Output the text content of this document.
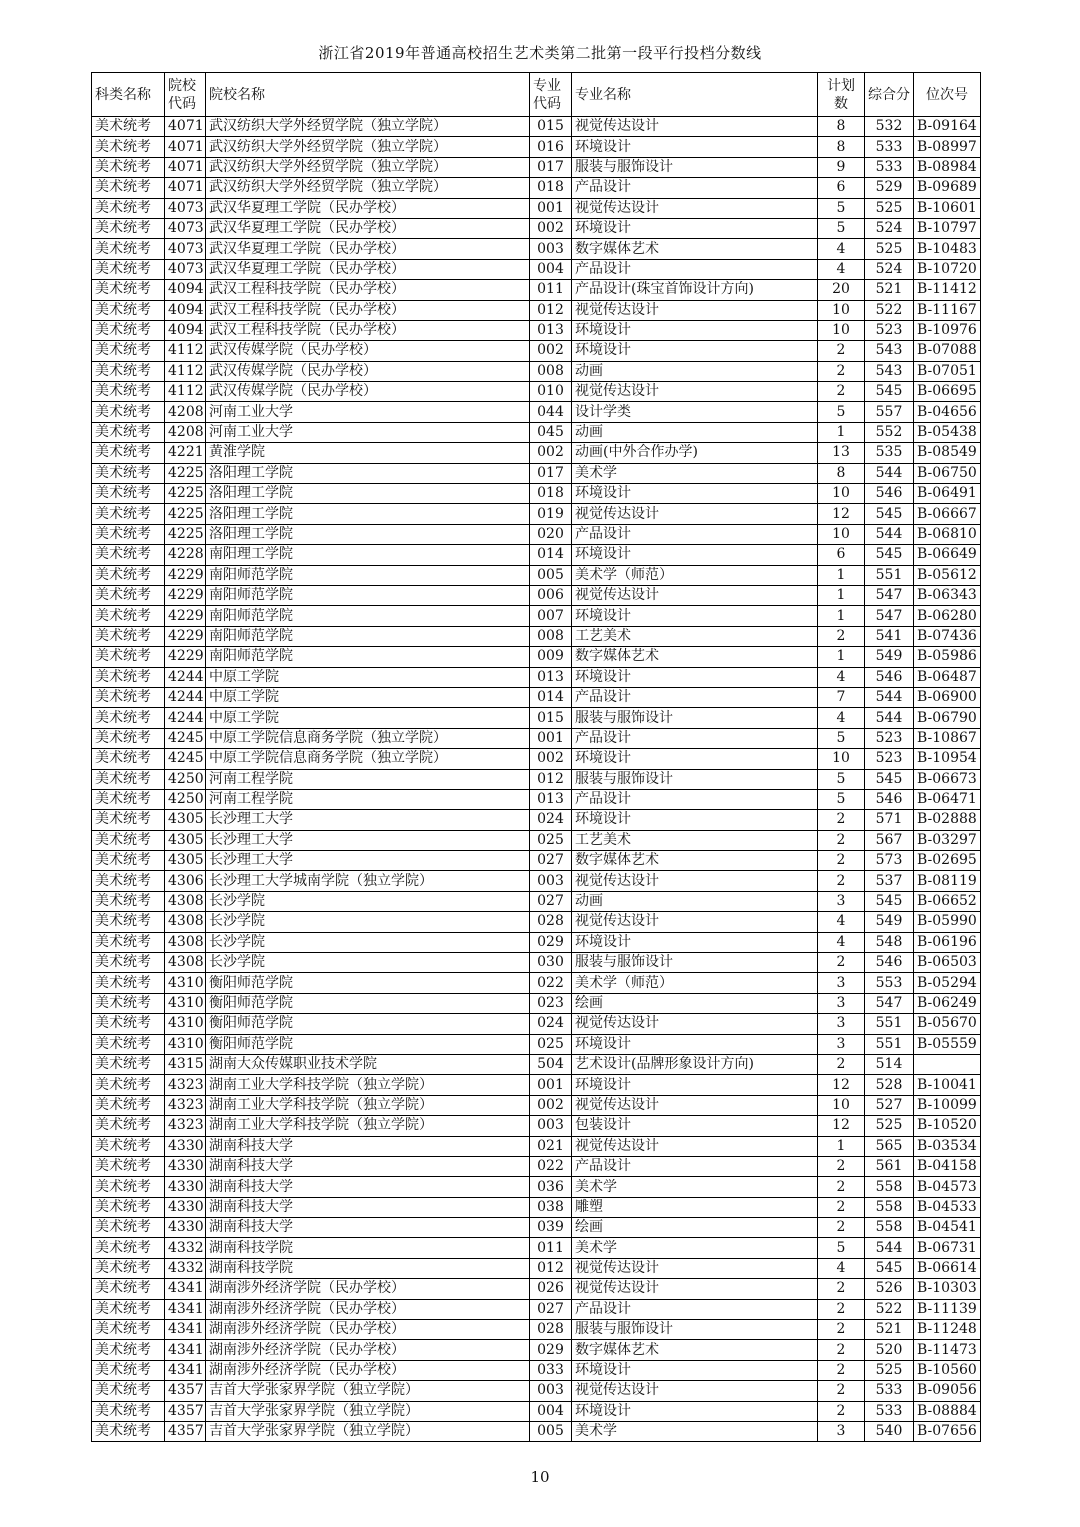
浙江省2019年普通高校招生艺术类第二批第一段平行投档分数线
科类名称	院校代码	院校名称	专业代码	专业名称	计划数	综合分	位次号
美术统考	4071	武汉纺织大学外经贸学院（独立学院）	015	视觉传达设计	8	532	B-09164
美术统考	4071	武汉纺织大学外经贸学院（独立学院）	016	环境设计	8	533	B-08997
美术统考	4071	武汉纺织大学外经贸学院（独立学院）	017	服装与服饰设计	9	533	B-08984
美术统考	4071	武汉纺织大学外经贸学院（独立学院）	018	产品设计	6	529	B-09689
美术统考	4073	武汉华夏理工学院（民办学校）	001	视觉传达设计	5	525	B-10601
美术统考	4073	武汉华夏理工学院（民办学校）	002	环境设计	5	524	B-10797
美术统考	4073	武汉华夏理工学院（民办学校）	003	数字媒体艺术	4	525	B-10483
美术统考	4073	武汉华夏理工学院（民办学校）	004	产品设计	4	524	B-10720
美术统考	4094	武汉工程科技学院（民办学校）	011	产品设计(珠宝首饰设计方向)	20	521	B-11412
美术统考	4094	武汉工程科技学院（民办学校）	012	视觉传达设计	10	522	B-11167
美术统考	4094	武汉工程科技学院（民办学校）	013	环境设计	10	523	B-10976
美术统考	4112	武汉传媒学院（民办学校）	002	环境设计	2	543	B-07088
美术统考	4112	武汉传媒学院（民办学校）	008	动画	2	543	B-07051
美术统考	4112	武汉传媒学院（民办学校）	010	视觉传达设计	2	545	B-06695
美术统考	4208	河南工业大学	044	设计学类	5	557	B-04656
美术统考	4208	河南工业大学	045	动画	1	552	B-05438
美术统考	4221	黄淮学院	002	动画(中外合作办学)	13	535	B-08549
美术统考	4225	洛阳理工学院	017	美术学	8	544	B-06750
美术统考	4225	洛阳理工学院	018	环境设计	10	546	B-06491
美术统考	4225	洛阳理工学院	019	视觉传达设计	12	545	B-06667
美术统考	4225	洛阳理工学院	020	产品设计	10	544	B-06810
美术统考	4228	南阳理工学院	014	环境设计	6	545	B-06649
美术统考	4229	南阳师范学院	005	美术学（师范）	1	551	B-05612
美术统考	4229	南阳师范学院	006	视觉传达设计	1	547	B-06343
美术统考	4229	南阳师范学院	007	环境设计	1	547	B-06280
美术统考	4229	南阳师范学院	008	工艺美术	2	541	B-07436
美术统考	4229	南阳师范学院	009	数字媒体艺术	1	549	B-05986
美术统考	4244	中原工学院	013	环境设计	4	546	B-06487
美术统考	4244	中原工学院	014	产品设计	7	544	B-06900
美术统考	4244	中原工学院	015	服装与服饰设计	4	544	B-06790
美术统考	4245	中原工学院信息商务学院（独立学院）	001	产品设计	5	523	B-10867
美术统考	4245	中原工学院信息商务学院（独立学院）	002	环境设计	10	523	B-10954
美术统考	4250	河南工程学院	012	服装与服饰设计	5	545	B-06673
美术统考	4250	河南工程学院	013	产品设计	5	546	B-06471
美术统考	4305	长沙理工大学	024	环境设计	2	571	B-02888
美术统考	4305	长沙理工大学	025	工艺美术	2	567	B-03297
美术统考	4305	长沙理工大学	027	数字媒体艺术	2	573	B-02695
美术统考	4306	长沙理工大学城南学院（独立学院）	003	视觉传达设计	2	537	B-08119
美术统考	4308	长沙学院	027	动画	3	545	B-06652
美术统考	4308	长沙学院	028	视觉传达设计	4	549	B-05990
美术统考	4308	长沙学院	029	环境设计	4	548	B-06196
美术统考	4308	长沙学院	030	服装与服饰设计	2	546	B-06503
美术统考	4310	衡阳师范学院	022	美术学（师范）	3	553	B-05294
美术统考	4310	衡阳师范学院	023	绘画	3	547	B-06249
美术统考	4310	衡阳师范学院	024	视觉传达设计	3	551	B-05670
美术统考	4310	衡阳师范学院	025	环境设计	3	551	B-05559
美术统考	4315	湖南大众传媒职业技术学院	504	艺术设计(品牌形象设计方向)	2	514	
美术统考	4323	湖南工业大学科技学院（独立学院）	001	环境设计	12	528	B-10041
美术统考	4323	湖南工业大学科技学院（独立学院）	002	视觉传达设计	10	527	B-10099
美术统考	4323	湖南工业大学科技学院（独立学院）	003	包装设计	12	525	B-10520
美术统考	4330	湖南科技大学	021	视觉传达设计	1	565	B-03534
美术统考	4330	湖南科技大学	022	产品设计	2	561	B-04158
美术统考	4330	湖南科技大学	036	美术学	2	558	B-04573
美术统考	4330	湖南科技大学	038	雕塑	2	558	B-04533
美术统考	4330	湖南科技大学	039	绘画	2	558	B-04541
美术统考	4332	湖南科技学院	011	美术学	5	544	B-06731
美术统考	4332	湖南科技学院	012	视觉传达设计	4	545	B-06614
美术统考	4341	湖南涉外经济学院（民办学校）	026	视觉传达设计	2	526	B-10303
美术统考	4341	湖南涉外经济学院（民办学校）	027	产品设计	2	522	B-11139
美术统考	4341	湖南涉外经济学院（民办学校）	028	服装与服饰设计	2	521	B-11248
美术统考	4341	湖南涉外经济学院（民办学校）	029	数字媒体艺术	2	520	B-11473
美术统考	4341	湖南涉外经济学院（民办学校）	033	环境设计	2	525	B-10560
美术统考	4357	吉首大学张家界学院（独立学院）	003	视觉传达设计	2	533	B-09056
美术统考	4357	吉首大学张家界学院（独立学院）	004	环境设计	2	533	B-08884
美术统考	4357	吉首大学张家界学院（独立学院）	005	美术学	3	540	B-07656
10
